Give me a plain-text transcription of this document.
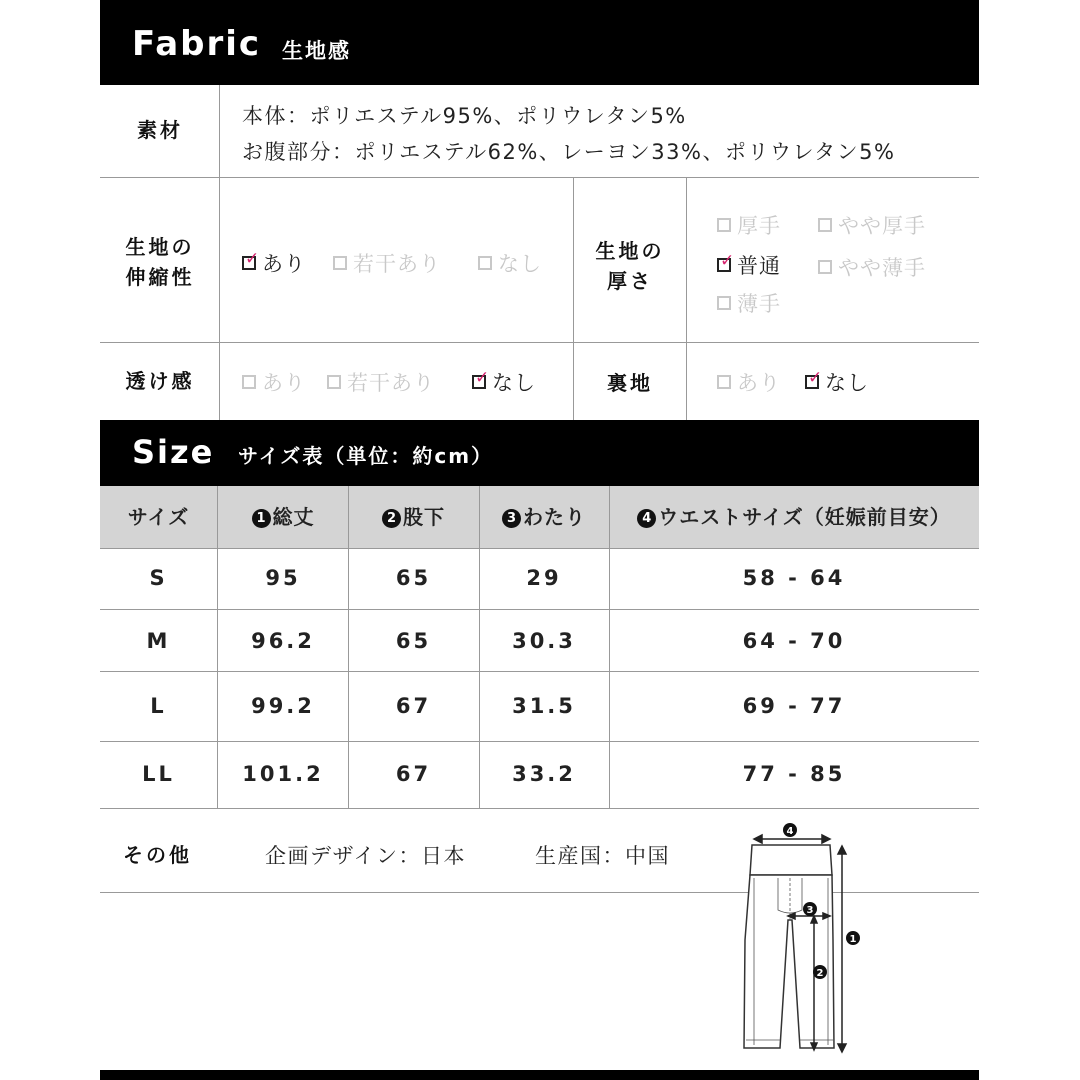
Fabric 生地感
素材
本体：ポリエステル95%、ポリウレタン5%
お腹部分：ポリエステル62%、レーヨン33%、ポリウレタン5%
生地の
伸縮性
✓ あり 若干あり	なし
生地の
厚さ
厚手	やや厚手
✓ 普通	やや薄手
薄手
透け感	あり 若干あり ✓ なし	裏地	あり ✓ なし
Size サイズ表（単位：約cm）
サイズ	1 総丈	2 股下	3 わたり	4 ウエストサイズ（妊娠前目安）
S	95	65	29	58 - 64
M	96.2	65	30.3	64 - 70
L	99.2	67	31.5	69 - 77
LL	101.2	67	33.2	77 - 85
その他	企画デザイン：日本	生産国：中国
4
3
1
2
